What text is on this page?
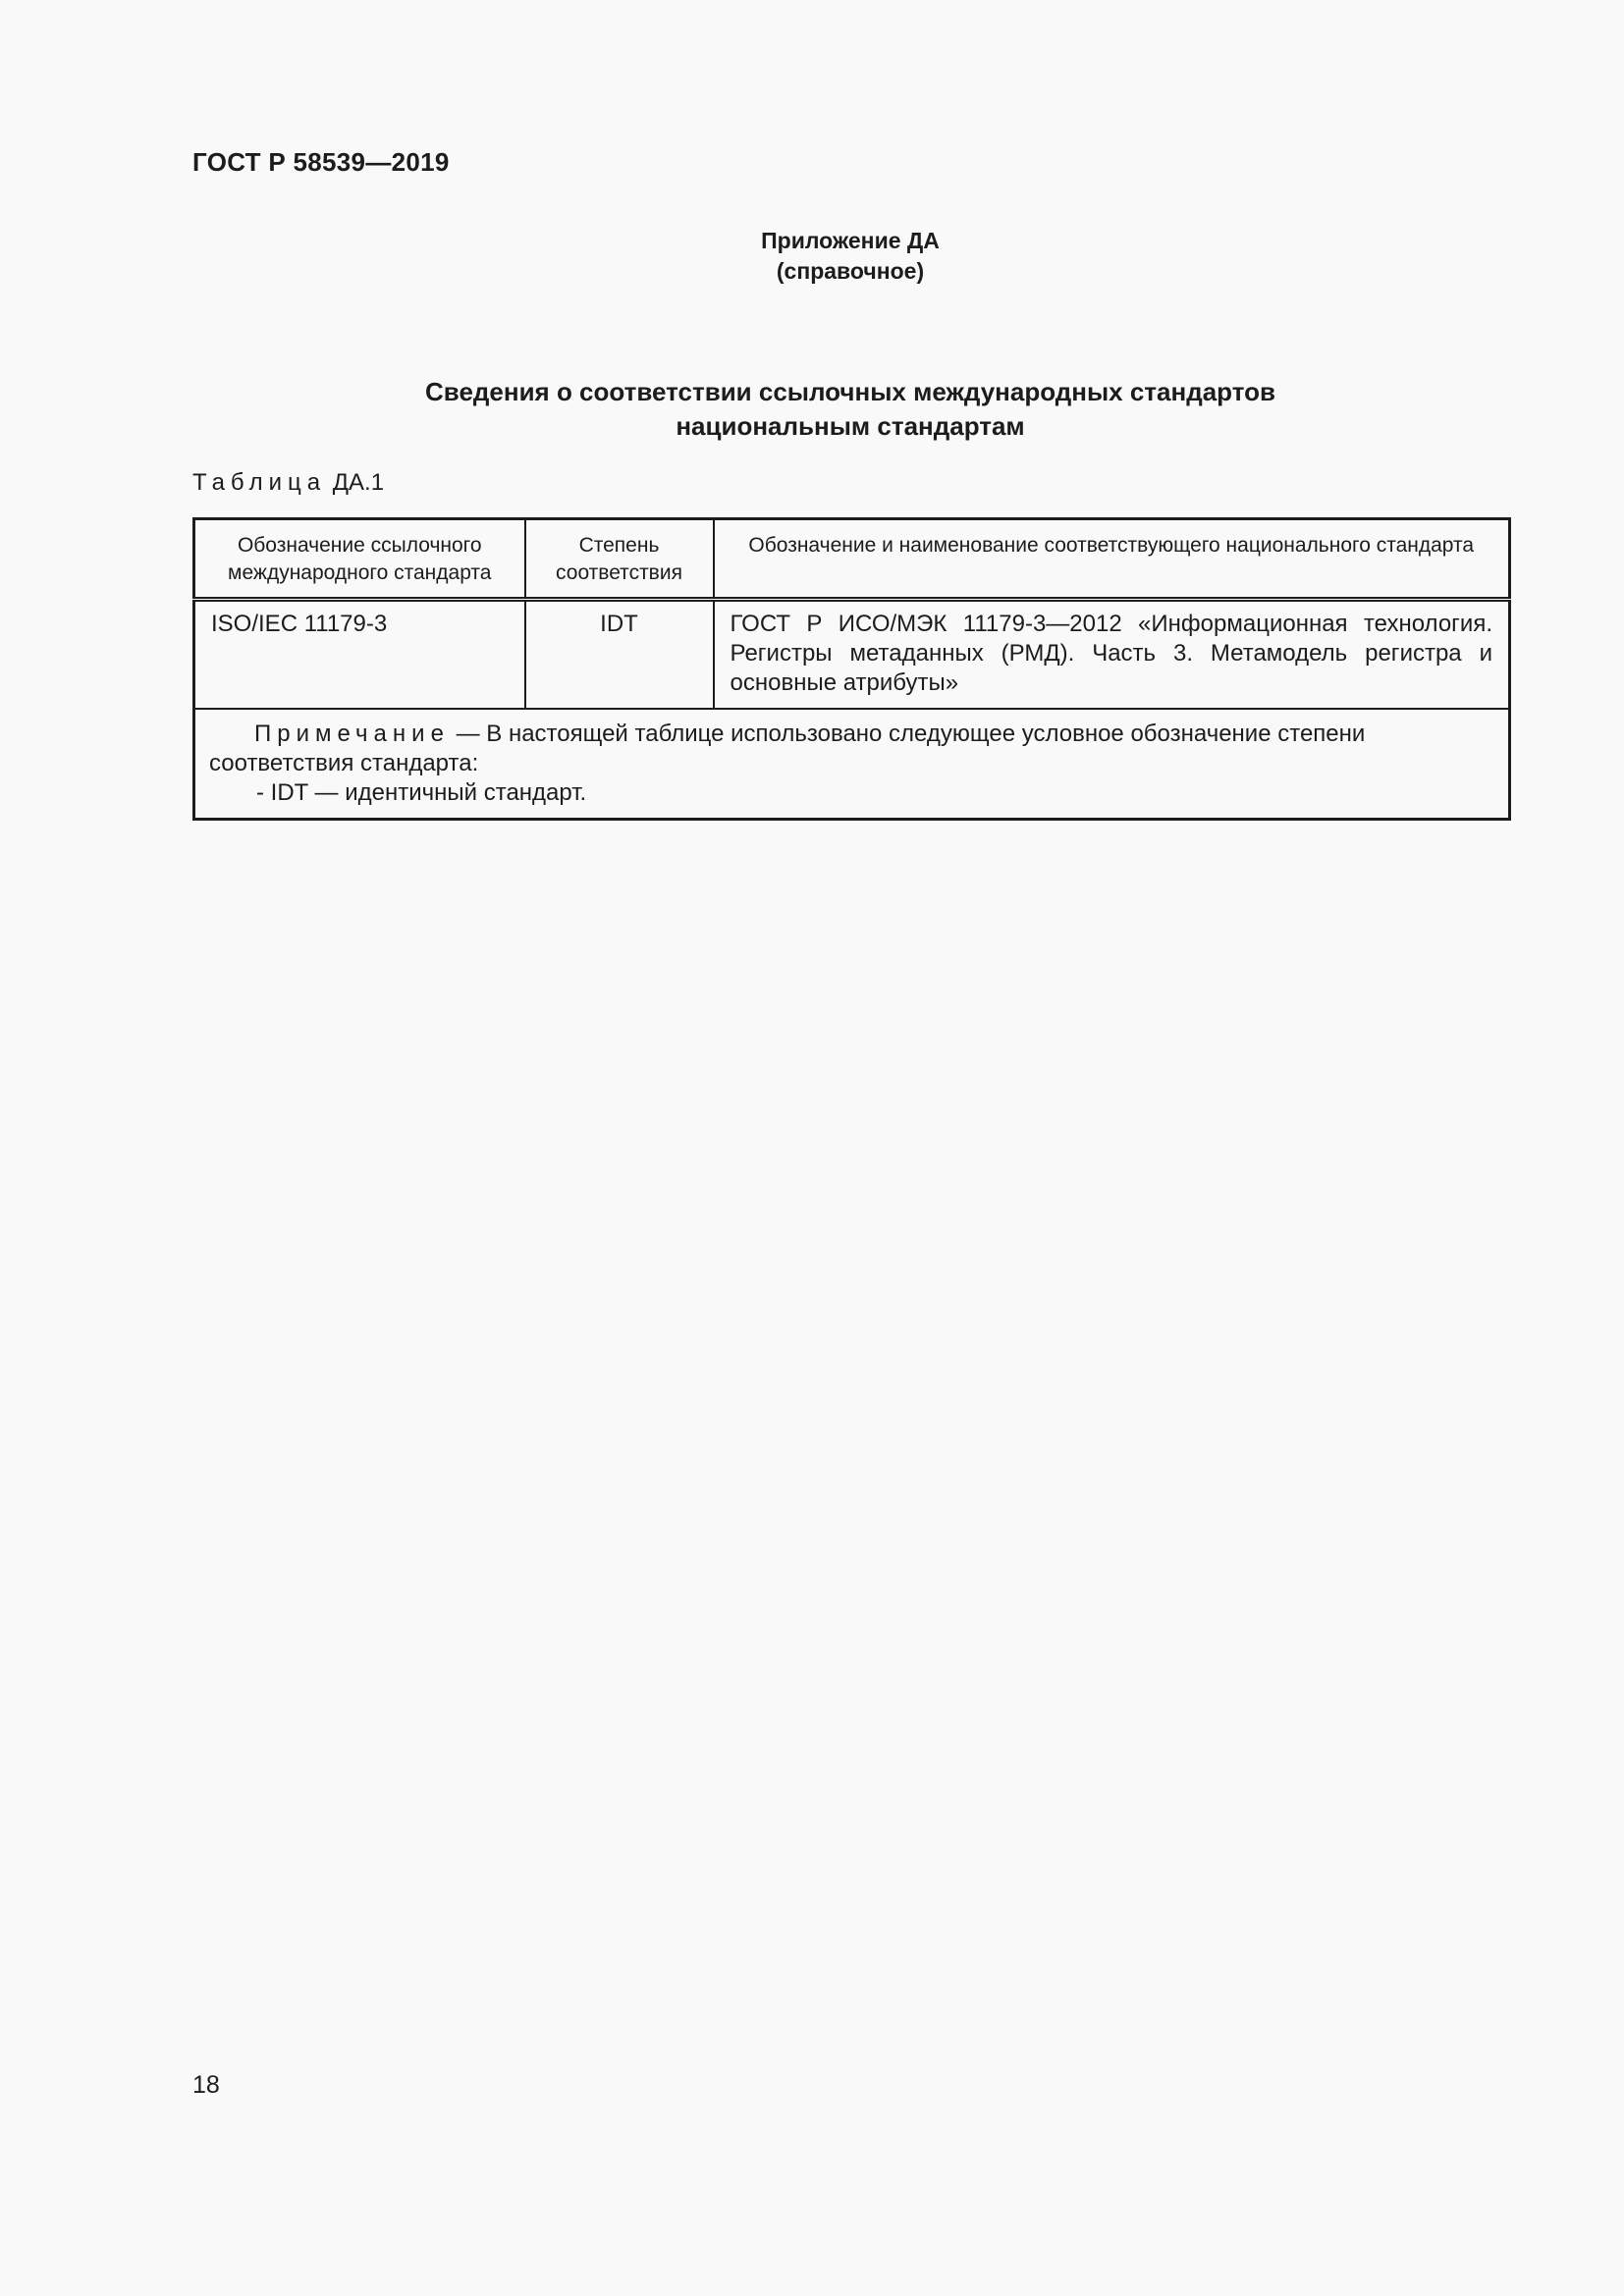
ГОСТ Р 58539—2019
Приложение ДА
(справочное)
Сведения о соответствии ссылочных международных стандартов
национальным стандартам
Таблица ДА.1
Обозначение ссылочного международного стандарта	Степень соответствия	Обозначение и наименование соответствующего национального стандарта
ISO/IEC 11179-3	IDT	ГОСТ Р ИСО/МЭК 11179-3—2012 «Информационная технология. Регистры метаданных (РМД). Часть 3. Метамодель регистра и основные атрибуты»

Примечание — В настоящей таблице использовано следующее условное обозначение степени соответствия стандарта:
- IDT — идентичный стандарт.		
18
